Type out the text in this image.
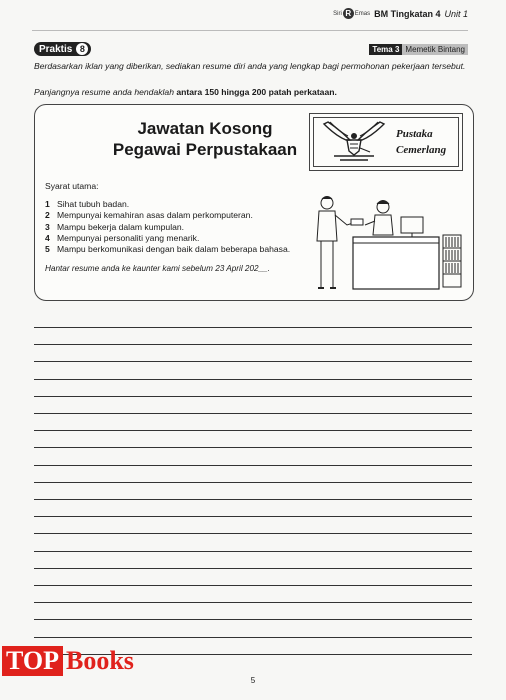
Siri R Emas BM Tingkatan 4 Unit 1
Praktis 8	Tema 3 Memetik Bintang
Berdasarkan iklan yang diberikan, sediakan resume diri anda yang lengkap bagi permohonan pekerjaan tersebut.
Panjangnya resume anda hendaklah antara 150 hingga 200 patah perkataan.
Jawatan Kosong
Pegawai Perpustakaan
Pustaka
Cemerlang
Syarat utama:
1 Sihat tubuh badan.
2 Mempunyai kemahiran asas dalam perkomputeran.
3 Mampu bekerja dalam kumpulan.
4 Mempunyai personaliti yang menarik.
5 Mampu berkomunikasi dengan baik dalam beberapa bahasa.
Hantar resume anda ke kaunter kami sebelum 23 April 202__.
5
TOP Books
